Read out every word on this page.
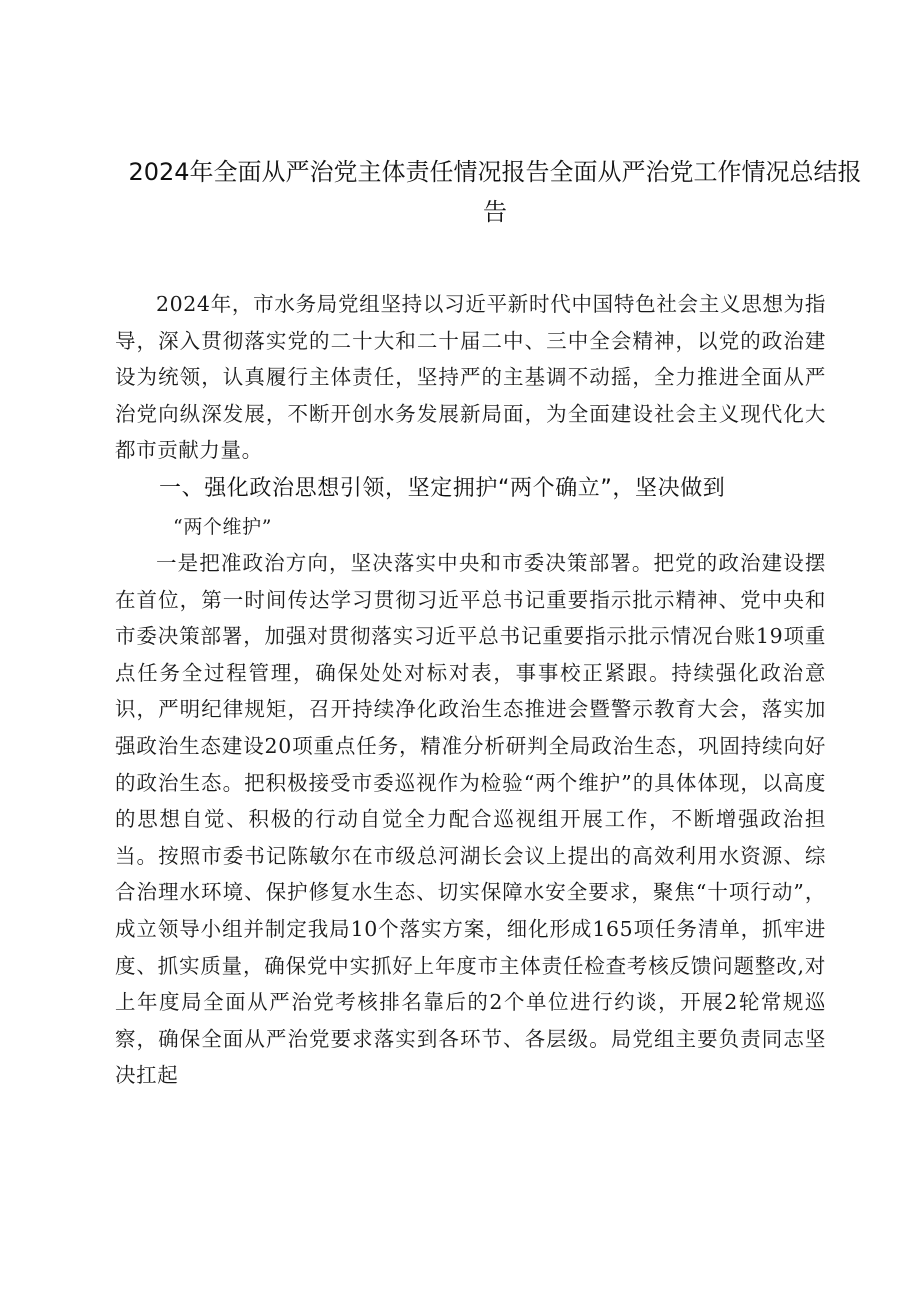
2024年全面从严治党主体责任情况报告全面从严治党工作情况总结报告

2024年，市水务局党组坚持以习近平新时代中国特色社会主义思想为指导，深入贯彻落实党的二十大和二十届二中、三中全会精神，以党的政治建设为统领，认真履行主体责任，坚持严的主基调不动摇，全力推进全面从严治党向纵深发展，不断开创水务发展新局面，为全面建设社会主义现代化大都市贡献力量。

一、强化政治思想引领，坚定拥护“两个确立”，坚决做到

“两个维护”

一是把准政治方向，坚决落实中央和市委决策部署。把党的政治建设摆在首位，第一时间传达学习贯彻习近平总书记重要指示批示精神、党中央和市委决策部署，加强对贯彻落实习近平总书记重要指示批示情况台账19项重点任务全过程管理，确保处处对标对表，事事校正紧跟。持续强化政治意识，严明纪律规矩，召开持续净化政治生态推进会暨警示教育大会，落实加强政治生态建设20项重点任务，精准分析研判全局政治生态，巩固持续向好的政治生态。把积极接受市委巡视作为检验“两个维护”的具体体现，以高度的思想自觉、积极的行动自觉全力配合巡视组开展工作，不断增强政治担当。按照市委书记陈敏尔在市级总河湖长会议上提出的高效利用水资源、综合治理水环境、保护修复水生态、切实保障水安全要求，聚焦“十项行动”，成立领导小组并制定我局10个落实方案，细化形成165项任务清单，抓牢进度、抓实质量，确保党中实抓好上年度市主体责任检查考核反馈问题整改,对上年度局全面从严治党考核排名靠后的2个单位进行约谈，开展2轮常规巡察，确保全面从严治党要求落实到各环节、各层级。局党组主要负责同志坚决扛起
